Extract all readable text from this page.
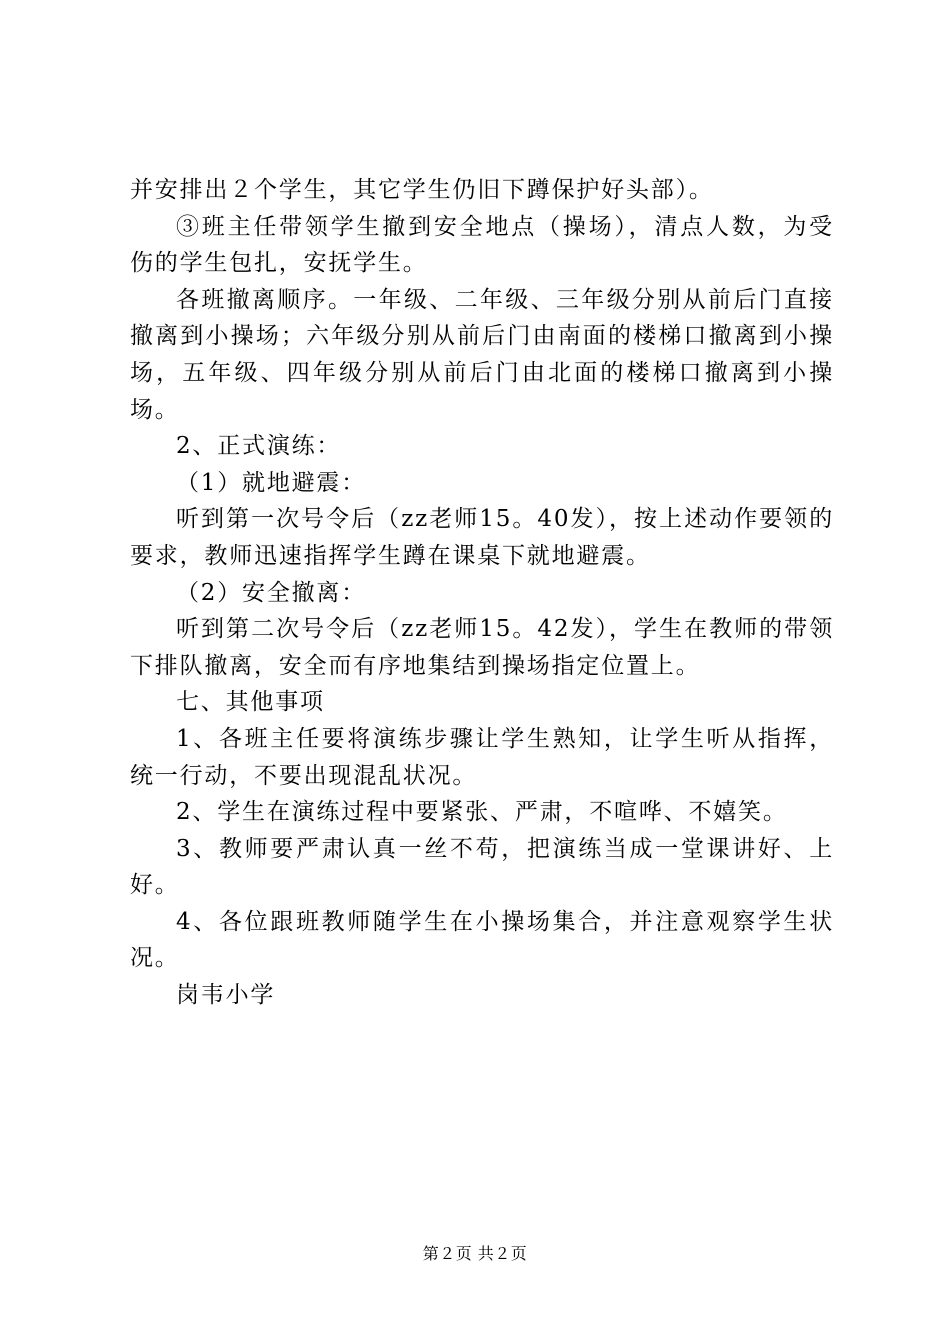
并安排出２个学生，其它学生仍旧下蹲保护好头部）。

③班主任带领学生撤到安全地点（操场），清点人数，为受伤的学生包扎，安抚学生。

各班撤离顺序。一年级、二年级、三年级分别从前后门直接撤离到小操场；六年级分别从前后门由南面的楼梯口撤离到小操场，五年级、四年级分别从前后门由北面的楼梯口撤离到小操场。

2、正式演练：

（1）就地避震：

听到第一次号令后（zz老师15。40发），按上述动作要领的要求，教师迅速指挥学生蹲在课桌下就地避震。

（2）安全撤离：

听到第二次号令后（zz老师15。42发），学生在教师的带领下排队撤离，安全而有序地集结到操场指定位置上。

七、其他事项

1、各班主任要将演练步骤让学生熟知，让学生听从指挥，统一行动，不要出现混乱状况。

2、学生在演练过程中要紧张、严肃，不喧哗、不嬉笑。

3、教师要严肃认真一丝不苟，把演练当成一堂课讲好、上好。

4、各位跟班教师随学生在小操场集合，并注意观察学生状况。

岗韦小学

第２页 共２页
